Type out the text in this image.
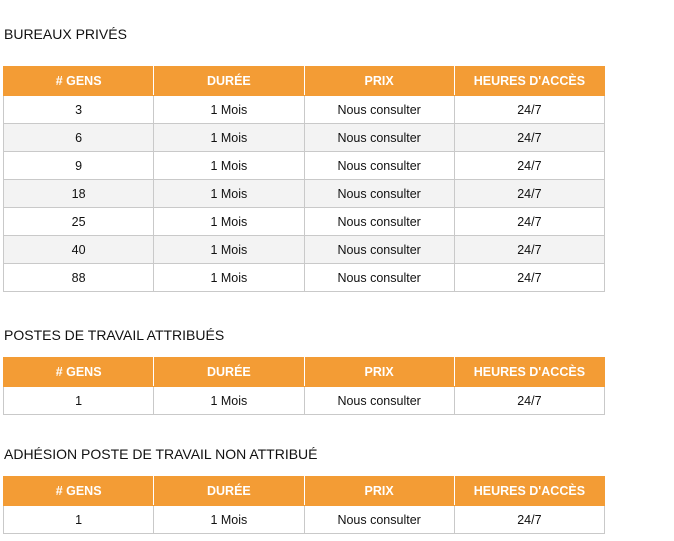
BUREAUX PRIVÉS
# GENS	DURÉE	PRIX	HEURES D'ACCÈS
3	1 Mois	Nous consulter	24/7
6	1 Mois	Nous consulter	24/7
9	1 Mois	Nous consulter	24/7
18	1 Mois	Nous consulter	24/7
25	1 Mois	Nous consulter	24/7
40	1 Mois	Nous consulter	24/7
88	1 Mois	Nous consulter	24/7
POSTES DE TRAVAIL ATTRIBUÉS
# GENS	DURÉE	PRIX	HEURES D'ACCÈS
1	1 Mois	Nous consulter	24/7
ADHÉSION POSTE DE TRAVAIL NON ATTRIBUÉ
# GENS	DURÉE	PRIX	HEURES D'ACCÈS
1	1 Mois	Nous consulter	24/7
